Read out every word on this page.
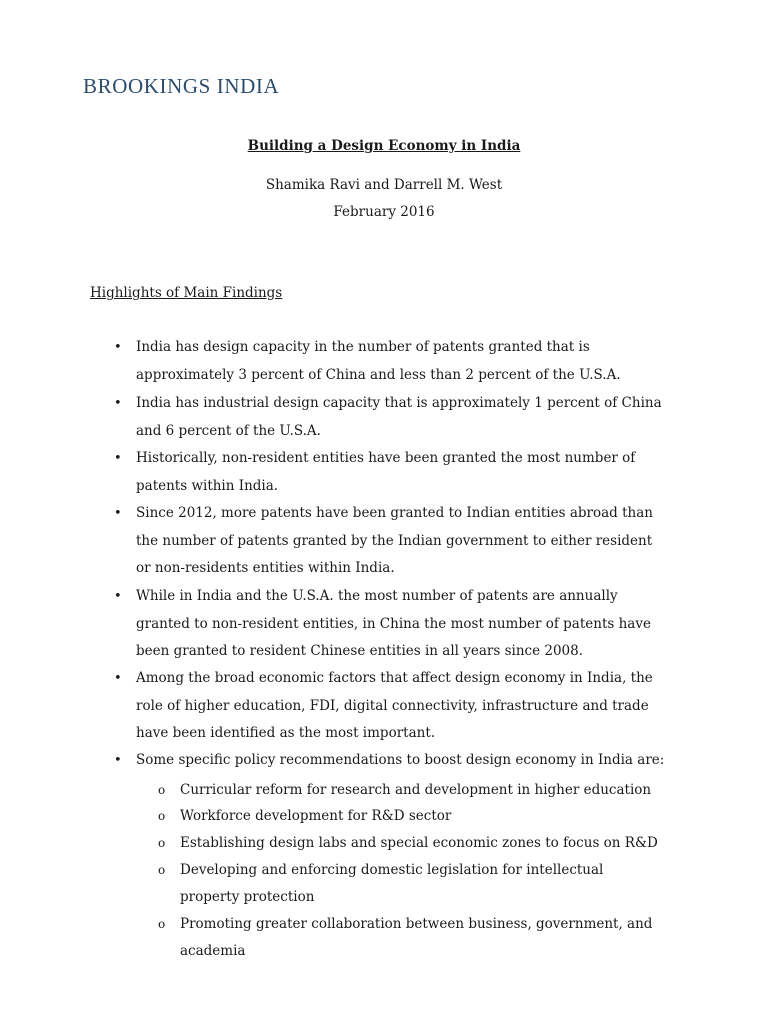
BROOKINGS INDIA
Building a Design Economy in India
Shamika Ravi and Darrell M. West
February 2016
Highlights of Main Findings
• India has design capacity in the number of patents granted that is approximately 3 percent of China and less than 2 percent of the U.S.A.
• India has industrial design capacity that is approximately 1 percent of China and 6 percent of the U.S.A.
• Historically, non-resident entities have been granted the most number of patents within India.
• Since 2012, more patents have been granted to Indian entities abroad than the number of patents granted by the Indian government to either resident or non-residents entities within India.
• While in India and the U.S.A. the most number of patents are annually granted to non-resident entities, in China the most number of patents have been granted to resident Chinese entities in all years since 2008.
• Among the broad economic factors that affect design economy in India, the role of higher education, FDI, digital connectivity, infrastructure and trade have been identified as the most important.
• Some specific policy recommendations to boost design economy in India are:
o Curricular reform for research and development in higher education
o Workforce development for R&D sector
o Establishing design labs and special economic zones to focus on R&D
o Developing and enforcing domestic legislation for intellectual property protection
o Promoting greater collaboration between business, government, and academia
